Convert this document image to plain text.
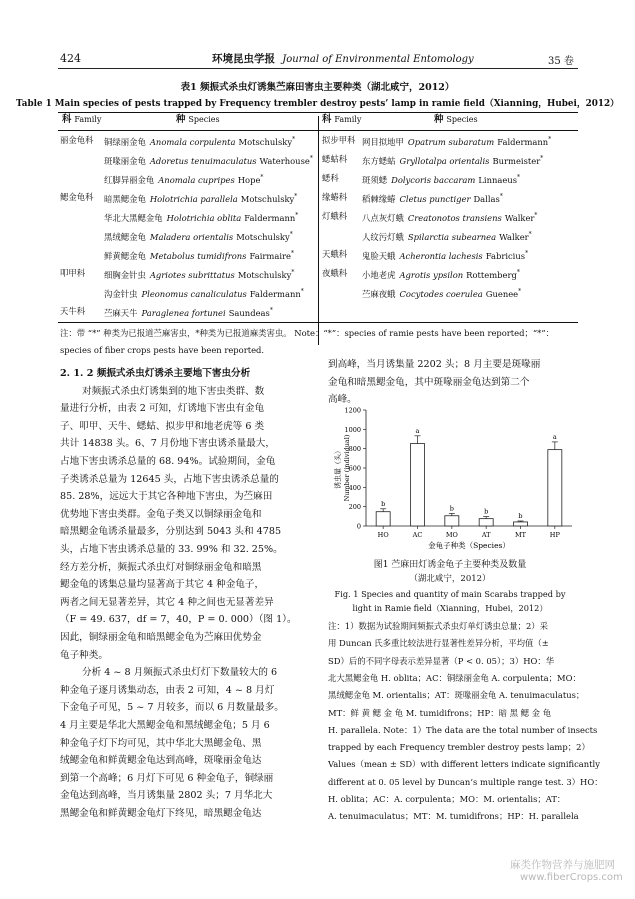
424	环境昆虫学报 Journal of Environmental Entomology	35 卷
表1 频振式杀虫灯诱集苎麻田害虫主要种类（湖北咸宁，2012）
Table 1 Main species of pests trapped by Frequency trembler destroy pests’ lamp in ramie field（Xianning，Hubei，2012）
科 Family	种 Species	科 Family	种 Species
丽金龟科 铜绿丽金龟 Anomala corpulenta Motschulsky*
斑喙丽金龟 Adoretus tenuimaculatus Waterhouse*
红脚异丽金龟 Anomala cupripes Hope*
鳃金龟科 暗黑鳃金龟 Holotrichia parallela Motschulsky*
华北大黑鳃金龟 Holotrichia oblita Faldermann*
黑绒鳃金龟 Maladera orientalis Motschulsky*
鲜黄鳃金龟 Metabolus tumidifrons Fairmaire*
叩甲科 细胸金针虫 Agriotes subrittatus Motschulsky*
沟金针虫 Pleonomus canaliculatus Faldermann*
天牛科 苎麻天牛 Paraglenea fortunei Saundeas*
拟步甲科 网目拟地甲 Opatrum subaratum Faldermann*
蟋蛄科 东方蟋蛄 Gryllotalpa orientalis Burmeister*
蟋科	斑须蟋 Dolycoris baccaram Linnaeus*
缘蝽科 稻棘缘蝽 Cletus punctiger Dallas*
灯蛾科 八点灰灯蛾 Creatonotos transiens Walker*
人纹污灯蛾 Spilarctia subearnea Walker*
天蛾科 鬼脸天蛾 Acherontia lachesis Fabricius*
夜蛾科 小地老虎 Agrotis ypsilon Rottemberg*
苎麻夜蛾 Cocytodes coerulea Guenee*
注：带 “*” 种类为已报道苎麻害虫，*种类为已报道麻类害虫。 Note：“*”：species of ramie pests have been reported；“*”：
species of fiber crops pests have been reported.
2. 1. 2 频振式杀虫灯诱杀主要地下害虫分析
对频振式杀虫灯诱集到的地下害虫类群、数
量进行分析，由表 2 可知，灯诱地下害虫有金龟
子、叩甲、天牛、蟋蛄、拟步甲和地老虎等 6 类
共计 14838 头。6、7 月份地下害虫诱杀量最大，
占地下害虫诱杀总量的 68. 94%。试验期间，金龟
子类诱杀总量为 12645 头，占地下害虫诱杀总量的
85. 28%，远远大于其它各种地下害虫，为苎麻田
优势地下害虫类群。金龟子类又以铜绿丽金龟和
暗黑鳃金龟诱杀量最多，分别达到 5043 头和 4785
头，占地下害虫诱杀总量的 33. 99% 和 32. 25%。
经方差分析，频振式杀虫灯对铜绿丽金龟和暗黑
鳃金龟的诱集总量均显著高于其它 4 种金龟子，
两者之间无显著差异，其它 4 种之间也无显著差异
（F = 49. 637，df = 7，40，P = 0. 000）（图 1）。
因此，铜绿丽金龟和暗黑鳃金龟为苎麻田优势金
龟子种类。
分析 4 ~ 8 月频振式杀虫灯灯下数量较大的 6
种金龟子逐月诱集动态，由表 2 可知，4 ~ 8 月灯
下金龟子可见，5 ~ 7 月较多，而以 6 月数量最多。
4 月主要是华北大黑鳃金龟和黑绒鳃金龟；5 月 6
种金龟子灯下均可见，其中华北大黑鳃金龟、黑
绒鳃金龟和鲜黄鳃金龟达到高峰，斑喙丽金龟达
到第一个高峰；6 月灯下可见 6 种金龟子，铜绿丽
金龟达到高峰，当月诱集量 2802 头；7 月华北大
黑鳃金龟和鲜黄鳃金龟灯下终见，暗黑鳃金龟达
到高峰，当月诱集量 2202 头；8 月主要是斑喙丽
金龟和暗黑鳃金龟，其中斑喙丽金龟达到第二个
高峰。
0
200
400
600
800
1000
1200
b
HO
a
AC
b
MO
b
AT
b
MT
a
HP
金龟子种类（Species）
诱虫量（头） Number (individual)
图1 苎麻田灯诱金龟子主要种类及数量
（湖北咸宁，2012）
Fig. 1 Species and quantity of main Scarabs trapped by
light in Ramie field（Xianning，Hubei，2012）
注：1）数据为试验期间频振式杀虫灯单灯诱虫总量；2）采
用 Duncan 氏多重比较法进行显著性差异分析，平均值（±
SD）后的不同字母表示差异显著（P < 0. 05）；3）HO：华
北大黑鳃金龟 H. oblita；AC：铜绿丽金龟 A. corpulenta；MO：
黑绒鳃金龟 M. orientalis；AT：斑喙丽金龟 A. tenuimaculatus；
MT：鲜 黄 鳃 金 龟 M. tumidifrons；HP：暗 黑 鳃 金 龟
H. parallela. Note：1）The data are the total number of insects
trapped by each Frequency trembler destroy pests lamp；2）
Values（mean ± SD）with different letters indicate significantly
different at 0. 05 level by Duncan’s multiple range test. 3）HO：
H. oblita；AC：A. corpulenta；MO：M. orientalis；AT：
A. tenuimaculatus；MT：M. tumidifrons；HP：H. parallela
麻类作物营养与施肥网
www.fiberCrops.com
